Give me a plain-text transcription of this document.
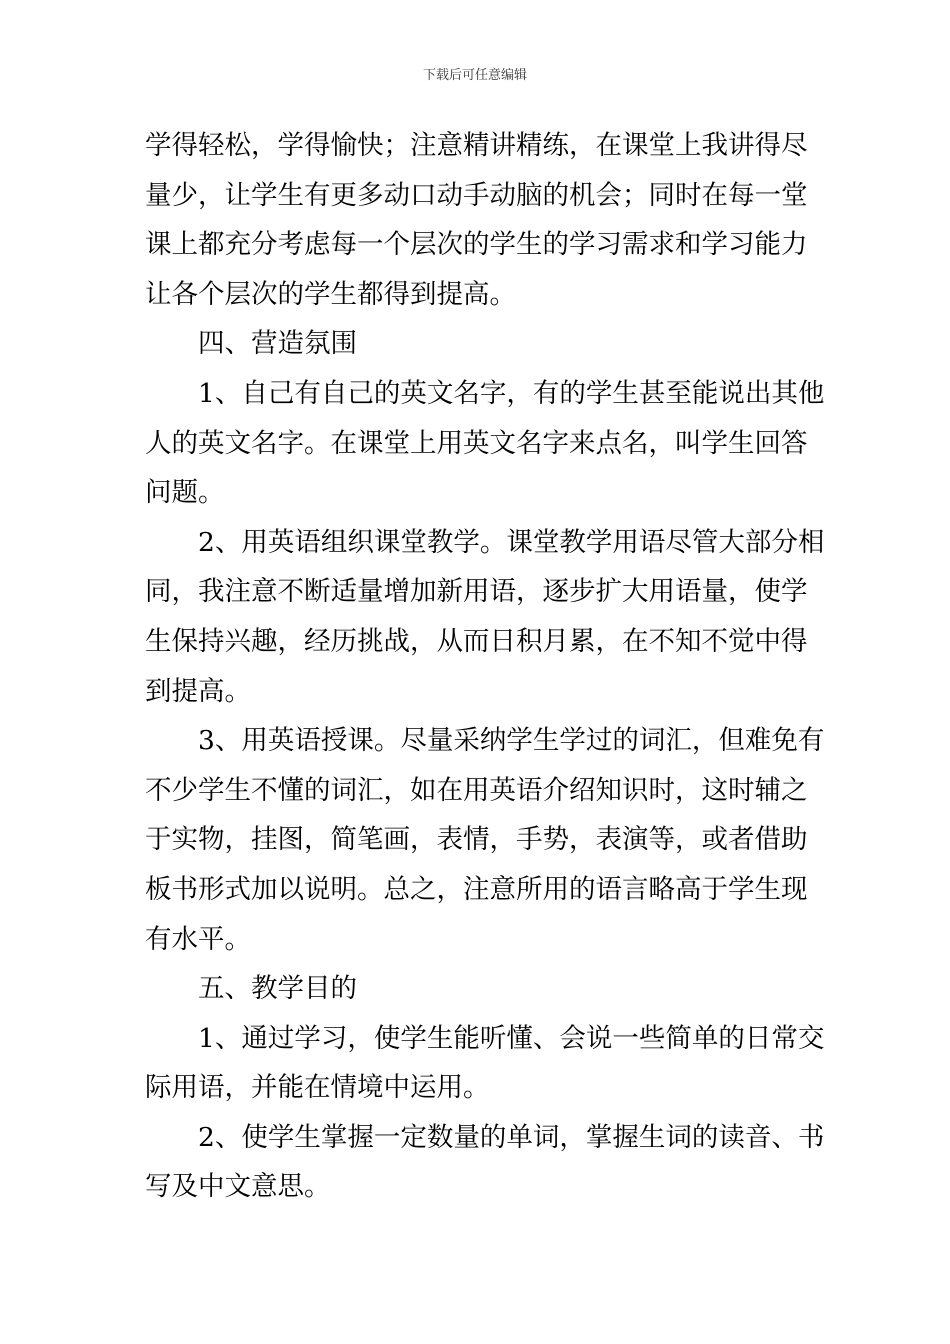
下载后可任意编辑
学得轻松，学得愉快；注意精讲精练，在课堂上我讲得尽
量少，让学生有更多动口动手动脑的机会；同时在每一堂
课上都充分考虑每一个层次的学生的学习需求和学习能力
让各个层次的学生都得到提高。
四、营造氛围
1、自己有自己的英文名字，有的学生甚至能说出其他
人的英文名字。在课堂上用英文名字来点名，叫学生回答
问题。
2、用英语组织课堂教学。课堂教学用语尽管大部分相
同，我注意不断适量增加新用语，逐步扩大用语量，使学
生保持兴趣，经历挑战，从而日积月累，在不知不觉中得
到提高。
3、用英语授课。尽量采纳学生学过的词汇，但难免有
不少学生不懂的词汇，如在用英语介绍知识时，这时辅之
于实物，挂图，简笔画，表情，手势，表演等，或者借助
板书形式加以说明。总之，注意所用的语言略高于学生现
有水平。
五、教学目的
1、通过学习，使学生能听懂、会说一些简单的日常交
际用语，并能在情境中运用。
2、使学生掌握一定数量的单词，掌握生词的读音、书
写及中文意思。
